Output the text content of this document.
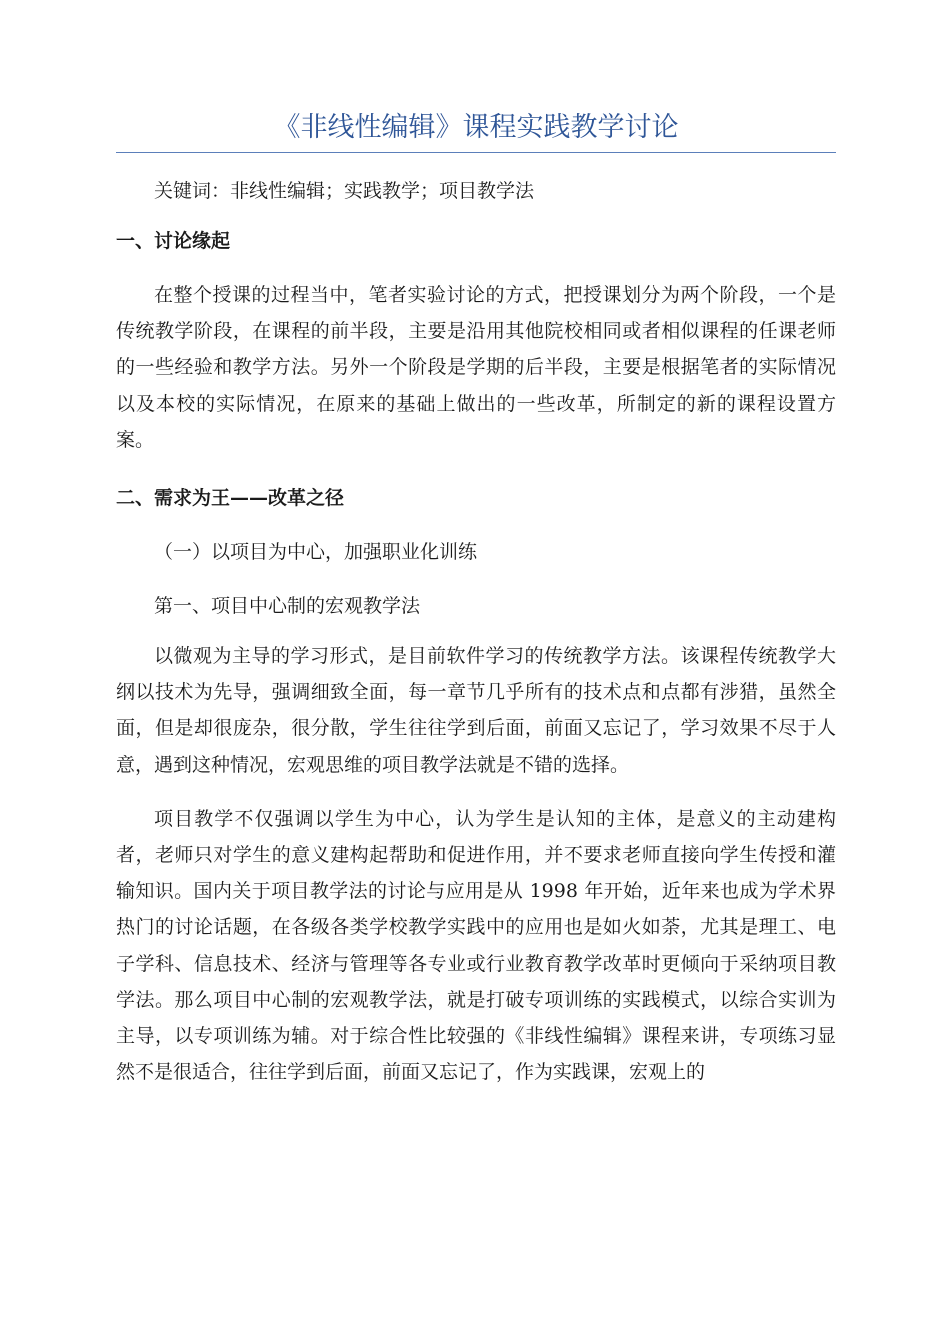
《非线性编辑》课程实践教学讨论

关键词：非线性编辑；实践教学；项目教学法

一、讨论缘起

在整个授课的过程当中，笔者实验讨论的方式，把授课划分为两个阶段，一个是传统教学阶段，在课程的前半段，主要是沿用其他院校相同或者相似课程的任课老师的一些经验和教学方法。另外一个阶段是学期的后半段，主要是根据笔者的实际情况以及本校的实际情况，在原来的基础上做出的一些改革，所制定的新的课程设置方案。

二、需求为王——改革之径

（一）以项目为中心，加强职业化训练

第一、项目中心制的宏观教学法

以微观为主导的学习形式，是目前软件学习的传统教学方法。该课程传统教学大纲以技术为先导，强调细致全面，每一章节几乎所有的技术点和点都有涉猎，虽然全面，但是却很庞杂，很分散，学生往往学到后面，前面又忘记了，学习效果不尽于人意，遇到这种情况，宏观思维的项目教学法就是不错的选择。

项目教学不仅强调以学生为中心，认为学生是认知的主体，是意义的主动建构者，老师只对学生的意义建构起帮助和促进作用，并不要求老师直接向学生传授和灌输知识。国内关于项目教学法的讨论与应用是从 1998 年开始，近年来也成为学术界热门的讨论话题，在各级各类学校教学实践中的应用也是如火如荼，尤其是理工、电子学科、信息技术、经济与管理等各专业或行业教育教学改革时更倾向于采纳项目教学法。那么项目中心制的宏观教学法，就是打破专项训练的实践模式，以综合实训为主导，以专项训练为辅。对于综合性比较强的《非线性编辑》课程来讲，专项练习显然不是很适合，往往学到后面，前面又忘记了，作为实践课，宏观上的
